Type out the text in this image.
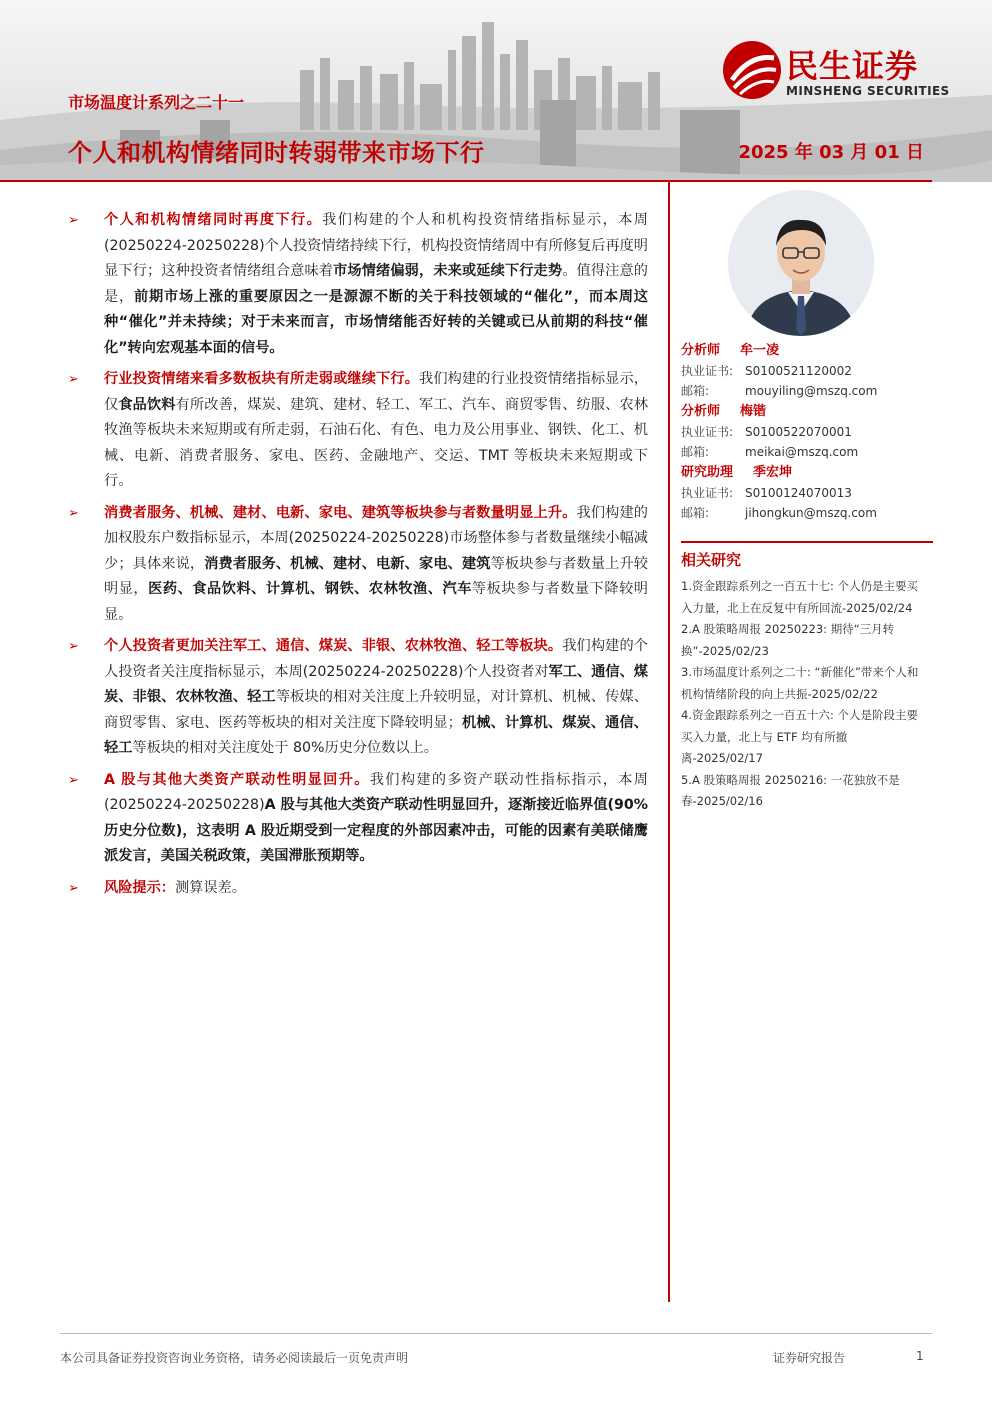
民生证券
MINSHENG SECURITIES
市场温度计系列之二十一
个人和机构情绪同时转弱带来市场下行	2025 年 03 月 01 日
➢ 个人和机构情绪同时再度下行。我们构建的个人和机构投资情绪指标显示，本周(20250224-20250228)个人投资情绪持续下行，机构投资情绪周中有所修复后再度明显下行；这种投资者情绪组合意味着市场情绪偏弱，未来或延续下行走势。值得注意的是，前期市场上涨的重要原因之一是源源不断的关于科技领域的“催化”，而本周这种“催化”并未持续；对于未来而言，市场情绪能否好转的关键或已从前期的科技“催化”转向宏观基本面的信号。
➢ 行业投资情绪来看多数板块有所走弱或继续下行。我们构建的行业投资情绪指标显示，仅食品饮料有所改善，煤炭、建筑、建材、轻工、军工、汽车、商贸零售、纺服、农林牧渔等板块未来短期或有所走弱，石油石化、有色、电力及公用事业、钢铁、化工、机械、电新、消费者服务、家电、医药、金融地产、交运、TMT 等板块未来短期或下行。
➢ 消费者服务、机械、建材、电新、家电、建筑等板块参与者数量明显上升。我们构建的加权股东户数指标显示，本周(20250224-20250228)市场整体参与者数量继续小幅减少；具体来说，消费者服务、机械、建材、电新、家电、建筑等板块参与者数量上升较明显，医药、食品饮料、计算机、钢铁、农林牧渔、汽车等板块参与者数量下降较明显。
➢ 个人投资者更加关注军工、通信、煤炭、非银、农林牧渔、轻工等板块。我们构建的个人投资者关注度指标显示，本周(20250224-20250228)个人投资者对军工、通信、煤炭、非银、农林牧渔、轻工等板块的相对关注度上升较明显，对计算机、机械、传媒、商贸零售、家电、医药等板块的相对关注度下降较明显；机械、计算机、煤炭、通信、轻工等板块的相对关注度处于 80%历史分位数以上。
➢ A 股与其他大类资产联动性明显回升。我们构建的多资产联动性指标指示，本周(20250224-20250228)A 股与其他大类资产联动性明显回升，逐渐接近临界值(90%历史分位数)，这表明 A 股近期受到一定程度的外部因素冲击，可能的因素有美联储鹰派发言，美国关税政策，美国滞胀预期等。
➢ 风险提示：测算误差。
分析师 牟一凌
执业证书: S0100521120002
邮箱:	mouyiling@mszq.com
分析师 梅锴
执业证书: S0100522070001
邮箱:	meikai@mszq.com
研究助理 季宏坤
执业证书: S0100124070013
邮箱:	jihongkun@mszq.com
相关研究
1.资金跟踪系列之一百五十七: 个人仍是主要买入力量，北上在反复中有所回流-2025/02/24
2.A 股策略周报 20250223: 期待“三月转换”-2025/02/23
3.市场温度计系列之二十: “新催化”带来个人和机构情绪阶段的向上共振-2025/02/22
4.资金跟踪系列之一百五十六: 个人是阶段主要买入力量，北上与 ETF 均有所撤离-2025/02/17
5.A 股策略周报 20250216: 一花独放不是春-2025/02/16
本公司具备证券投资咨询业务资格，请务必阅读最后一页免责声明	证券研究报告	1
